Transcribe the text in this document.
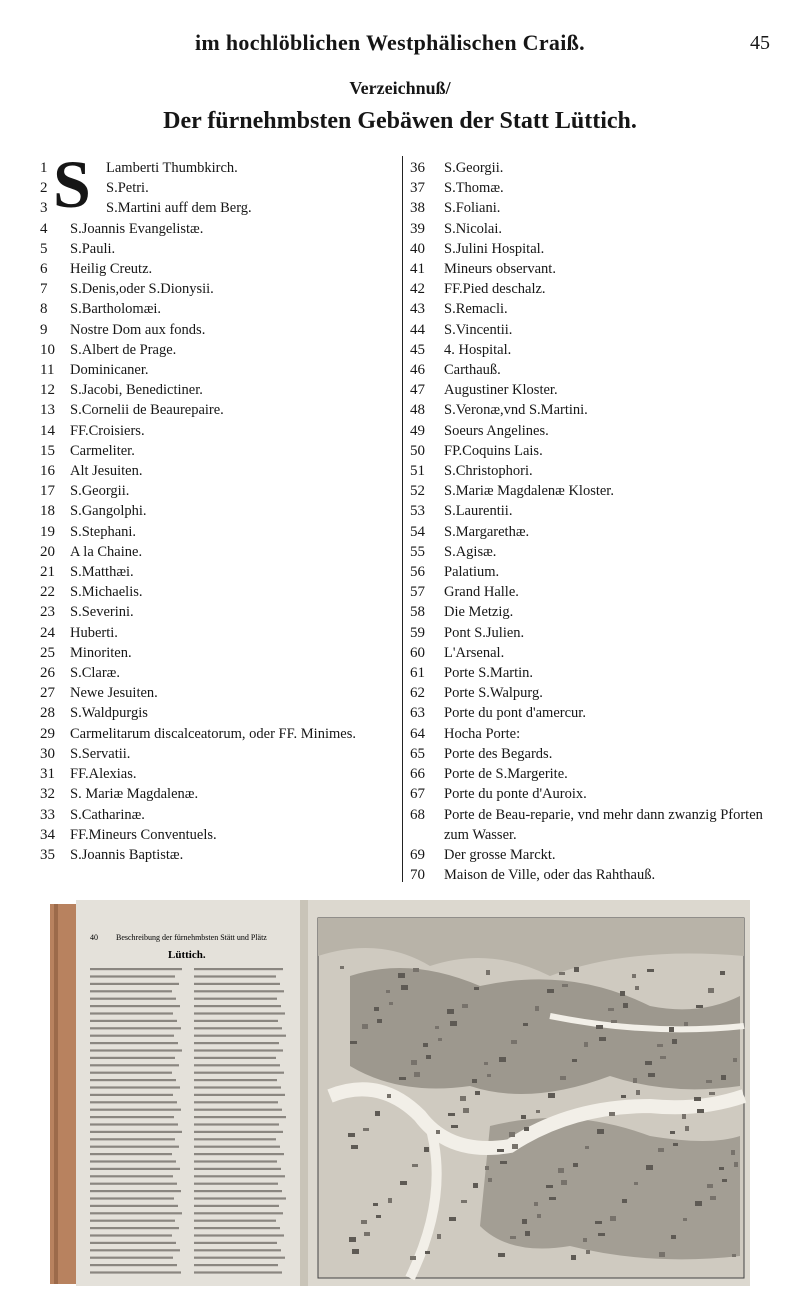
im hochlöblichen Westphälischen Craiß.	45
Verzeichnuß/
Der fürnehmbsten Gebäwen der Statt Lüttich.
1	Lamberti Thumbkirch.
2	S.Petri.
3	S.Martini auff dem Berg.
4	S.Joannis Evangelistæ.
5	S.Pauli.
6	Heilig Creutz.
7	S.Denis,oder S.Dionysii.
8	S.Bartholomæi.
9	Nostre Dom aux fonds.
10	S.Albert de Prage.
11	Dominicaner.
12	S.Jacobi, Benedictiner.
13	S.Cornelii de Beaurepaire.
14	FF.Croisiers.
15	Carmeliter.
16	Alt Jesuiten.
17	S.Georgii.
18	S.Gangolphi.
19	S.Stephani.
20	A la Chaine.
21	S.Matthæi.
22	S.Michaelis.
23	S.Severini.
24	Huberti.
25	Minoriten.
26	S.Claræ.
27	Newe Jesuiten.
28	S.Waldpurgis
29	Carmelitarum discalceatorum, oder FF. Minimes.
30	S.Servatii.
31	FF.Alexias.
32	S. Mariæ Magdalenæ.
33	S.Catharinæ.
34	FF.Mineurs Conventuels.
35	S.Joannis Baptistæ.
36	S.Georgii.
37	S.Thomæ.
38	S.Foliani.
39	S.Nicolai.
40	S.Julini Hospital.
41	Mineurs observant.
42	FF.Pied deschalz.
43	S.Remacli.
44	S.Vincentii.
45	4. Hospital.
46	Carthauß.
47	Augustiner Kloster.
48	S.Veronæ,vnd S.Martini.
49	Soeurs Angelines.
50	FP.Coquins Lais.
51	S.Christophori.
52	S.Mariæ Magdalenæ Kloster.
53	S.Laurentii.
54	S.Margarethæ.
55	S.Agisæ.
56	Palatium.
57	Grand Halle.
58	Die Metzig.
59	Pont S.Julien.
60	L'Arsenal.
61	Porte S.Martin.
62	Porte S.Walpurg.
63	Porte du pont d'amercur.
64	Hocha Porte:
65	Porte des Begards.
66	Porte de S.Margerite.
67	Porte du ponte d'Auroix.
68	Porte de Beau-reparie, vnd mehr dann zwanzig Pforten zum Wasser.
69	Der grosse Marckt.
70	Maison de Ville, oder das Rahthauß.
40 Beschreibung der fürnehmbsten Stätt und Plätz
Lüttich.
S
